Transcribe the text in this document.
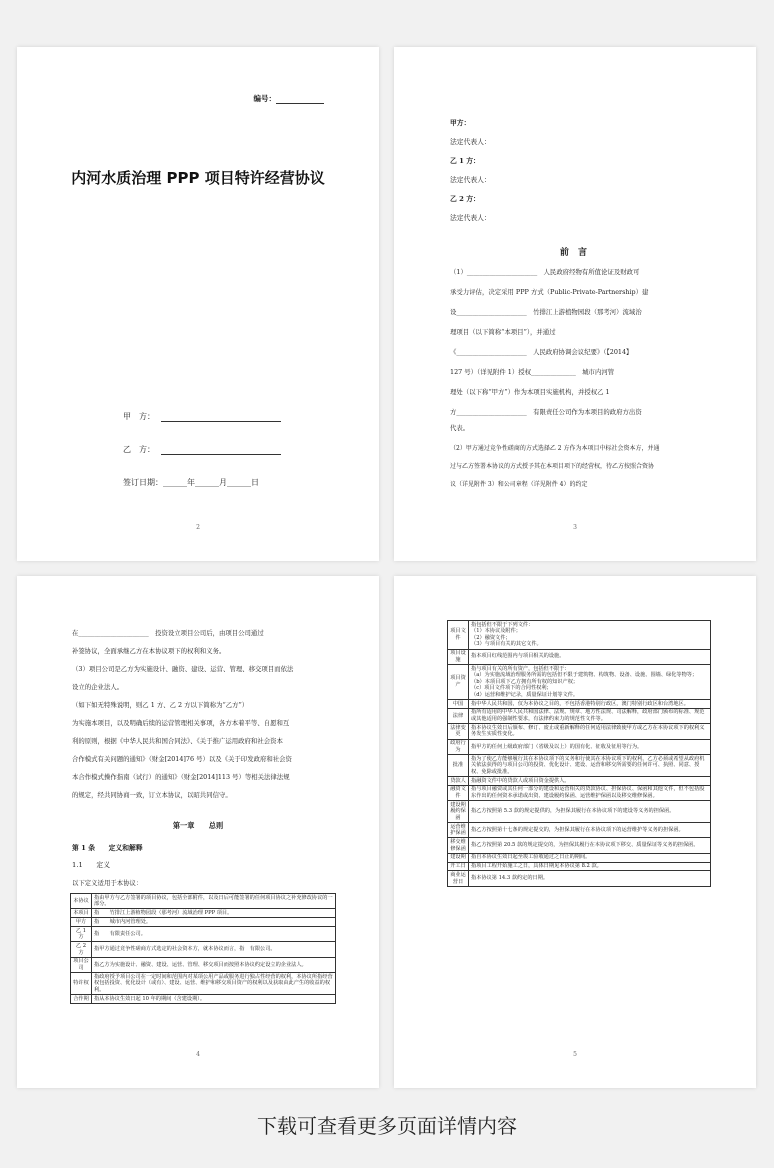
编号：
内河水质治理 PPP 项目特许经营协议
甲　方：
乙　方：
签订日期：______年______月______日
2
甲方：
法定代表人：
乙 1 方：
法定代表人：
乙 2 方：
法定代表人：
前 言
（1）______________________　人民政府经物有所值论证及财政可
承受力评估，决定采用 PPP 方式（Public-Private-Partnership）建
设______________________　竹排江上游植物园段（那考河）流域治
理项目（以下简称“本项目”），并通过
《______________________　人民政府协调会议纪要》（【2014】
127 号）（详见附件 1）授权______________　城市内河管
理处（以下称“甲方”）作为本项目实施机构，并授权乙 1
方______________________　有限责任公司作为本项目的政府方出资
代表。
（2）甲方通过竞争性磋商的方式选择乙 2 方作为本项目中标社会资本方，并通
过与乙方签署本协议的方式授予其在本项目项下的经营权，待乙方按照合资协
议（详见附件 3）和公司章程（详见附件 4）的约定
3
在______________________　投资设立项目公司后，由项目公司通过
补签协议，全面承继乙方在本协议项下的权利和义务。
（3）项目公司是乙方为实施设计、融资、建设、运营、管理、移交项目而依法
设立的企业法人。
（如下如无特殊说明，则乙 1 方、乙 2 方以下简称为“乙方”）
为实施本项目，以及明确后续的运营管理相关事项，各方本着平等、自愿和互
利的原则，根据《中华人民共和国合同法》、《关于推广运用政府和社会资本
合作模式有关问题的通知》（财金[2014]76 号）以及《关于印发政府和社会资
本合作模式操作指南（试行）的通知》（财金[2014]113 号）等相关法律法规
的规定，经共同协商一致，订立本协议，以昭共同信守。
第一章　　总则
第 1 条　　定义和解释
1.1　　定义
以下定义适用于本协议：
本协议	指由甲方与乙方签署的项目协议，包括全部附件，以及日后可能签署的任何项目协议之补充修改协议的一部分。
本项目	指　　竹排江上游植物园段（那考河）流域治理 PPP 项目。
甲方	指　　城市内河管理处。
乙 1 方	指　　有限责任公司。
乙 2 方	指甲方通过竞争性磋商方式选定的社会资本方，就本协议而言，指　有限公司。
项目公司	指乙方为实施设计、融资、建设、运营、管理、移交项目而按照本协议约定设立的企业法人。
特许权	指政府授予项目公司在一定时间和范围内对某项公用产品或服务进行独占性经营的权利，本协议所指经营权包括投资、优化设计（或有）、建设、运营、维护和移交项目资产的权利以及获取由此产生的收益的权利。
合作期	指从本协议生效日起 10 年的期间（含建设期）。
4
项目文件	指包括但不限于下列文件：
（1）本协议及附件；
（2）融资文件；
（3）与项目有关的其它文件。
项目设施	指本项目红线范围内与项目相关的设施。
项目资产	指与项目有关的所有资产，包括但不限于：
（a）为实施流域治理服务所需的包括但不限于建筑物、构筑物、设备、设施、围墙、绿化等物等；
（b）本项目项下乙方拥有所有权的知识产权；
（c）项目文件项下的合同性权利；
（d）运营和维护记录，质量保证计划等文件。
中国	指中华人民共和国，仅为本协议之目的，不包括香港特别行政区，澳门特别行政区和台湾地区。
法律	指所有适用的中华人民共和国法律、法规、规章、地方性法规、司法解释，政府部门颁布的标准、规范或其他适用的强制性要求，有法律约束力的规范性文件等。
法律变更	指本协议生效日后颁布、修订、废止或重新解释的任何适用法律致使甲方或乙方在本协议项下的权利义务发生实质性变化。
政府行为	指甲方的任何上级政府部门（省级及以上）的国有化、征收及征用等行为。
批准	指为了使乙方能够履行其在本协议项下的义务和行使其在本协议项下的权利，乙方必须或希望从政府机关依法获得的与项目公司的投资、优化设计、建设、运营和移交所需要的任何许可、执照、同意、授权、免除或批准。
贷款人	指融资文件中的贷款人或项目资金提供人。
融资文件	指与项目融资或其任何一部分的建设和运营相关的贷款协议、担保协议、保函和其他文件，但不包括股东作出的任何资本承诺或出资、建设履约保函、运营维护保函以及移交维修保函。
建设期履约保函	指乙方按照第 5.3 款的规定提供的，为担保其履行在本协议项下的建设等义务的担保函。
运营维护保函	指乙方按照第十七条的规定提交的，为担保其履行在本协议项下的运营维护等义务的担保函。
移交维修保函	指乙方按照第 20.5 款的规定提交的，为担保其履行在本协议项下移交、质量保证等义务的担保函。
建设期	指自本协议生效日起至竣工验收通过之日止的期间。
开工日	指项目工程开始施工之日，具体日期见本协议第 8.2 款。
商业运营日	指本协议第 14.3 款约定的日期。
5
下载可查看更多页面详情内容
